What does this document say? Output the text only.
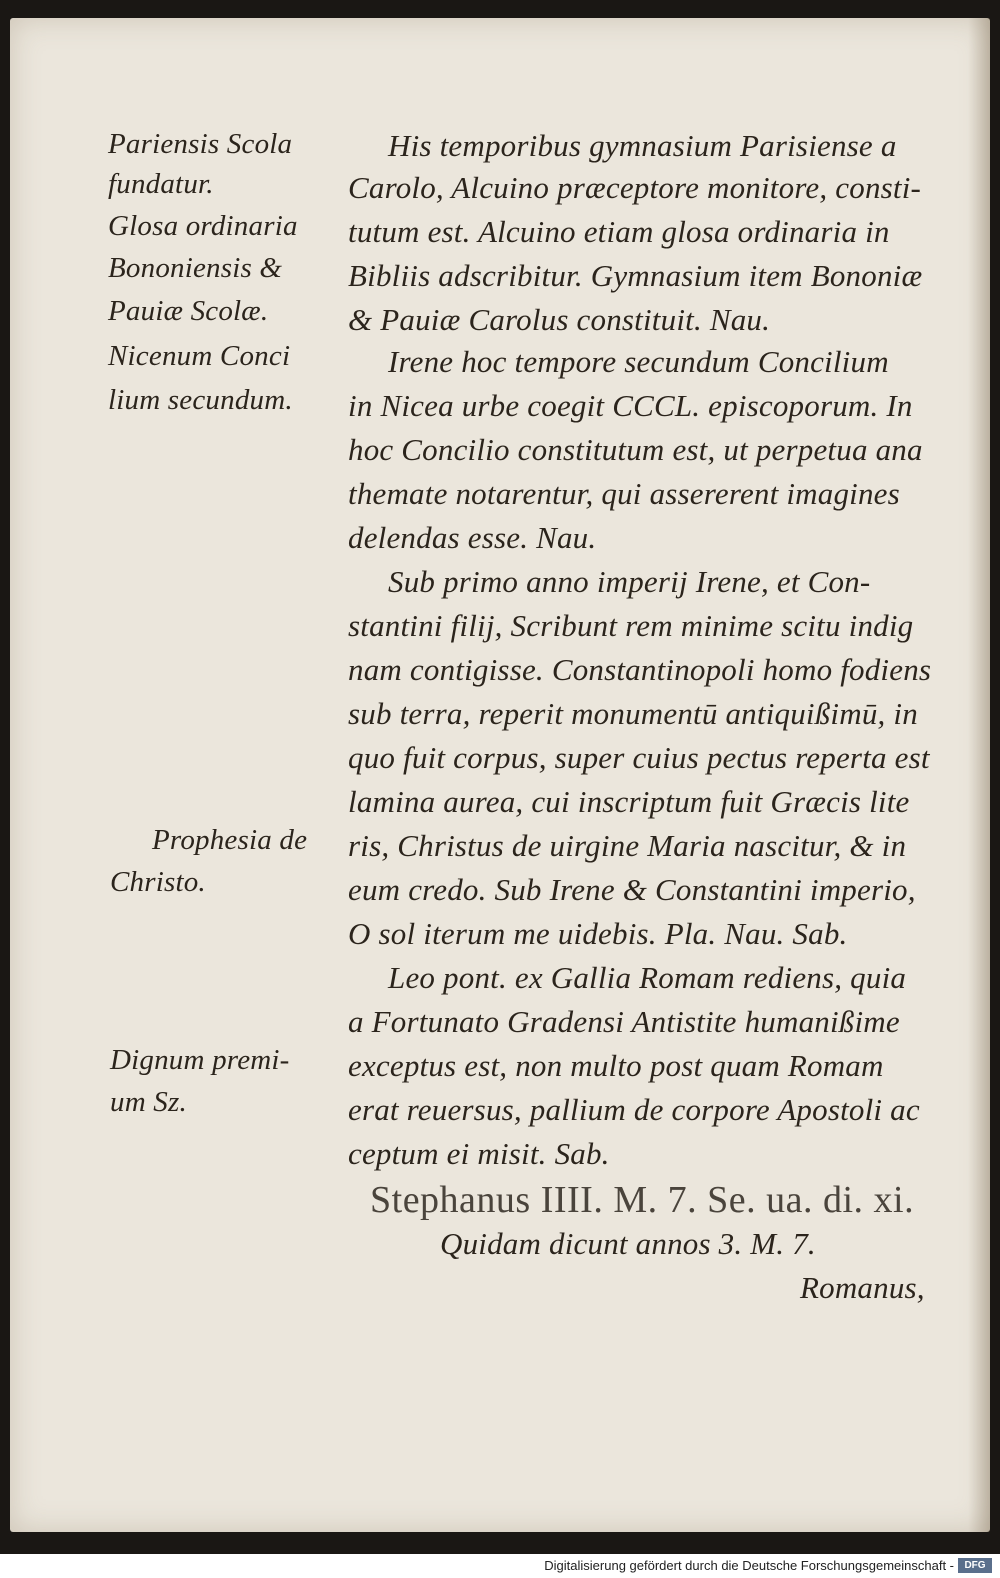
Pariensis Scola
fundatur.
Glosa ordinaria
Bononiensis &
Pauiæ Scolæ.
Nicenum Conci
lium secundum.
Prophesia de
Christo.
Dignum premi-
um Sz.
His temporibus gymnasium Parisiense a
Carolo, Alcuino præceptore monitore, consti-
tutum est. Alcuino etiam glosa ordinaria in
Bibliis adscribitur. Gymnasium item Bononiæ
& Pauiæ Carolus constituit. Nau.
Irene hoc tempore secundum Concilium
in Nicea urbe coegit CCCL. episcoporum. In
hoc Concilio constitutum est, ut perpetua ana
themate notarentur, qui assererent imagines
delendas esse. Nau.
Sub primo anno imperij Irene, et Con-
stantini filij, Scribunt rem minime scitu indig
nam contigisse. Constantinopoli homo fodiens
sub terra, reperit monumentū antiquißimū, in
quo fuit corpus, super cuius pectus reperta est
lamina aurea, cui inscriptum fuit Græcis lite
ris, Christus de uirgine Maria nascitur, & in
eum credo. Sub Irene & Constantini imperio,
O sol iterum me uidebis. Pla. Nau. Sab.
Leo pont. ex Gallia Romam rediens, quia
a Fortunato Gradensi Antistite humanißime
exceptus est, non multo post quam Romam
erat reuersus, pallium de corpore Apostoli ac
ceptum ei misit. Sab.
Stephanus IIII. M. 7. Se. ua. di. xi.
Quidam dicunt annos 3. M. 7.
Romanus,
Digitalisierung gefördert durch die Deutsche Forschungsgemeinschaft -	DFG
